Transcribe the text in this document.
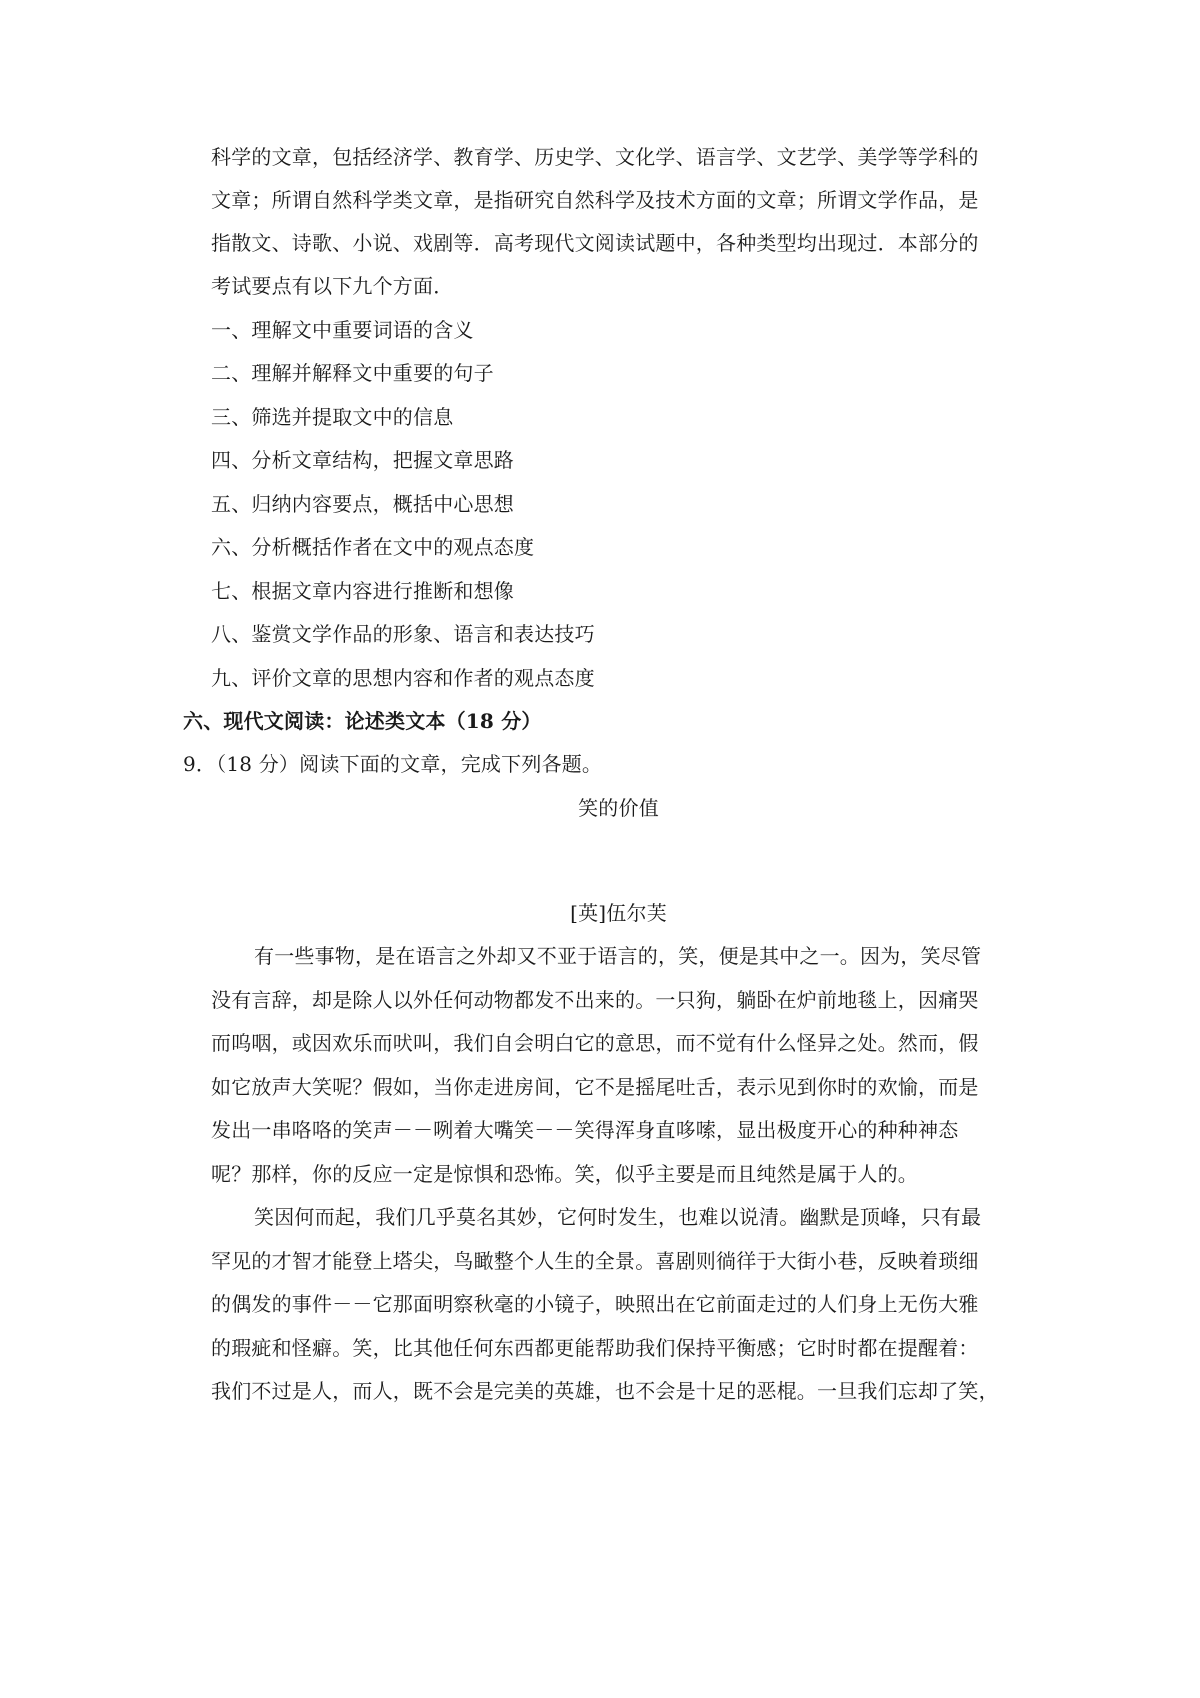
科学的文章，包括经济学、教育学、历史学、文化学、语言学、文艺学、美学等学科的
文章；所谓自然科学类文章，是指研究自然科学及技术方面的文章；所谓文学作品，是
指散文、诗歌、小说、戏剧等．高考现代文阅读试题中，各种类型均出现过．本部分的
考试要点有以下九个方面．
一、理解文中重要词语的含义
二、理解并解释文中重要的句子
三、筛选并提取文中的信息
四、分析文章结构，把握文章思路
五、归纳内容要点，概括中心思想
六、分析概括作者在文中的观点态度
七、根据文章内容进行推断和想像
八、鉴赏文学作品的形象、语言和表达技巧
九、评价文章的思想内容和作者的观点态度
六、现代文阅读：论述类文本（18 分）
9．（18 分）阅读下面的文章，完成下列各题。
笑的价值
[英]伍尔芙
有一些事物，是在语言之外却又不亚于语言的，笑，便是其中之一。因为，笑尽管
没有言辞，却是除人以外任何动物都发不出来的。一只狗，躺卧在炉前地毯上，因痛哭
而呜咽，或因欢乐而吠叫，我们自会明白它的意思，而不觉有什么怪异之处。然而，假
如它放声大笑呢？假如，当你走进房间，它不是摇尾吐舌，表示见到你时的欢愉，而是
发出一串咯咯的笑声－－咧着大嘴笑－－笑得浑身直哆嗦，显出极度开心的种种神态
呢？那样，你的反应一定是惊惧和恐怖。笑，似乎主要是而且纯然是属于人的。
笑因何而起，我们几乎莫名其妙，它何时发生，也难以说清。幽默是顶峰，只有最
罕见的才智才能登上塔尖，鸟瞰整个人生的全景。喜剧则徜徉于大街小巷，反映着琐细
的偶发的事件－－它那面明察秋毫的小镜子，映照出在它前面走过的人们身上无伤大雅
的瑕疵和怪癖。笑，比其他任何东西都更能帮助我们保持平衡感；它时时都在提醒着：
我们不过是人，而人，既不会是完美的英雄，也不会是十足的恶棍。一旦我们忘却了笑，
